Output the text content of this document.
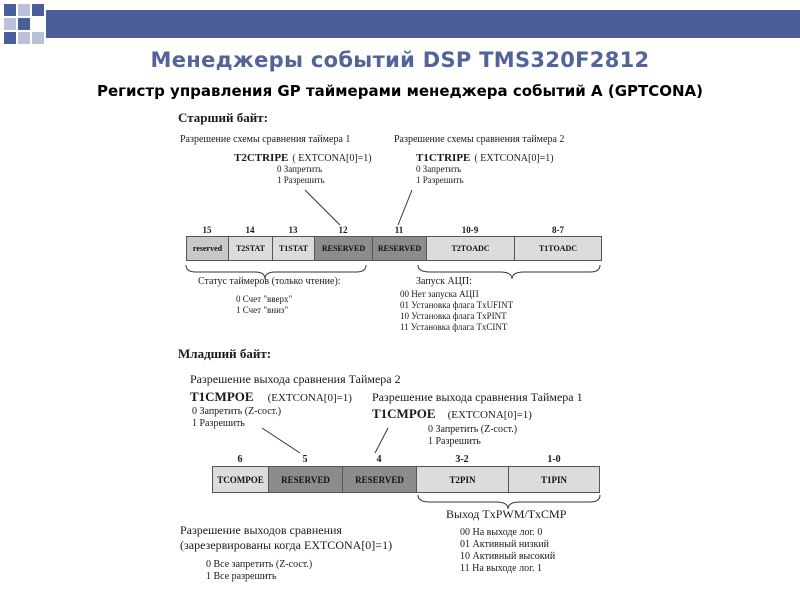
Менеджеры событий DSP TMS320F2812
Регистр управления GP таймерами менеджера событий А (GPTCONA)
Старший байт:
Разрешение схемы сравнения таймера 1
T2CTRIPE ( EXTCONA[0]=1)
0 Запретить
1 Разрешить
Разрешение схемы сравнения таймера 2
T1CTRIPE ( EXTCONA[0]=1)
0 Запретить
1 Разрешить
15	14	13	12	11	10-9	8-7
reserved	T2STAT	T1STAT	RESERVED	RESERVED	T2TOADC	T1TOADC
Статус таймеров (только чтение):
0 Счет "вверх"
1 Счет "вниз"
Запуск АЦП:
00 Нет запуска АЦП
01 Установка флага TxUFINT
10 Установка флага TxPINT
11 Установка флага TxCINT
Младший байт:
Разрешение выхода сравнения Таймера 2
T1CMPOE (EXTCONA[0]=1)
0 Запретить (Z-сост.)
1 Разрешить
Разрешение выхода сравнения Таймера 1
T1CMPOE (EXTCONA[0]=1)
0 Запретить (Z-сост.)
1 Разрешить
6	5	4	3-2	1-0
TCOMPOE	RESERVED	RESERVED	T2PIN	T1PIN
Разрешение выходов сравнения
(зарезервированы когда EXTCONA[0]=1)
0 Все запретить (Z-сост.)
1 Все разрешить
Выход TxPWM/TxCMP
00 На выходе лог. 0
01 Активный низкий
10 Активный высокий
11 На выходе лог. 1
